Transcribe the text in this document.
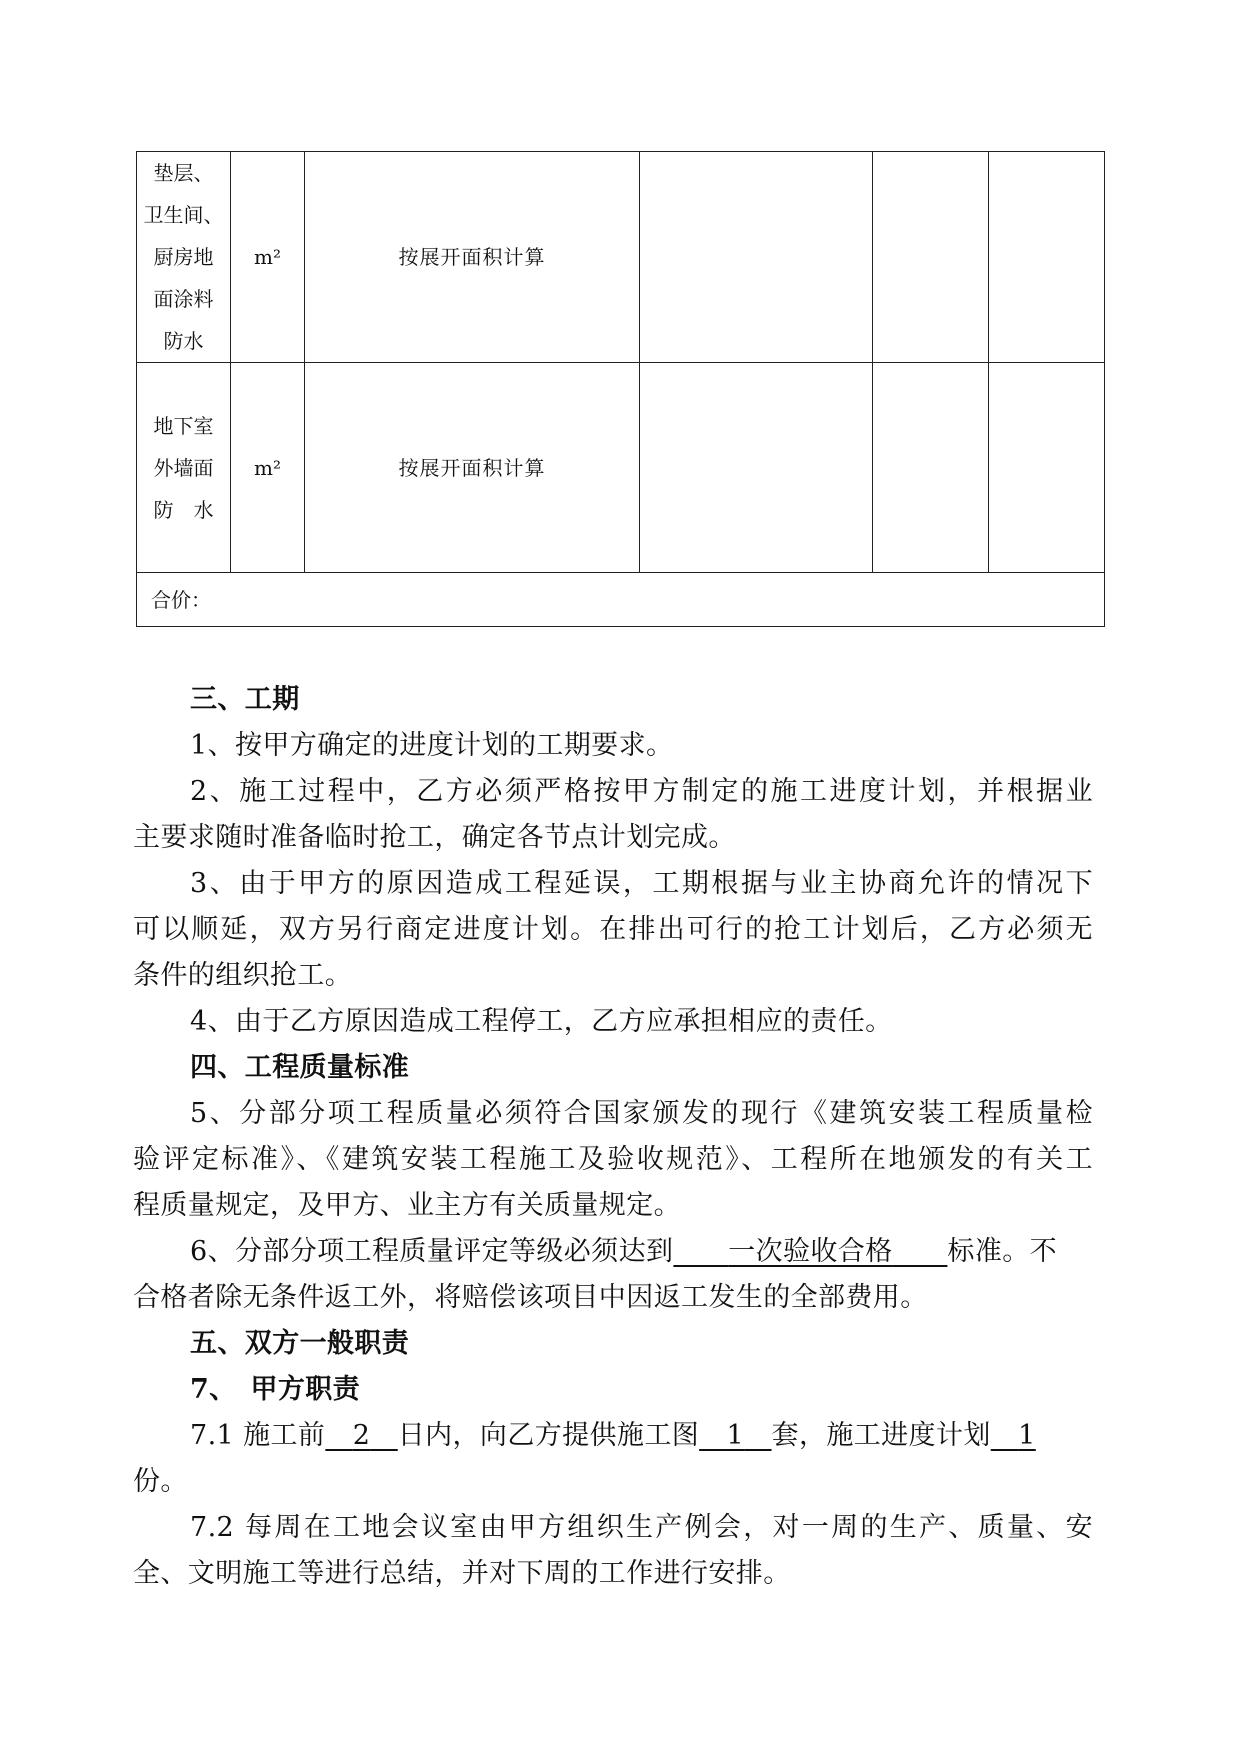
垫层、
卫生间、
厨房地
面涂料
防水	m²	按展开面积计算			
地下室
外墙面
防　水	m²	按展开面积计算			
合价：					
三、工期
1、按甲方确定的进度计划的工期要求。
2、施工过程中，乙方必须严格按甲方制定的施工进度计划，并根据业
主要求随时准备临时抢工，确定各节点计划完成。
3、由于甲方的原因造成工程延误，工期根据与业主协商允许的情况下
可以顺延，双方另行商定进度计划。在排出可行的抢工计划后，乙方必须无
条件的组织抢工。
4、由于乙方原因造成工程停工，乙方应承担相应的责任。
四、工程质量标准
5、分部分项工程质量必须符合国家颁发的现行《建筑安装工程质量检
验评定标准》、《建筑安装工程施工及验收规范》、工程所在地颁发的有关工
程质量规定，及甲方、业主方有关质量规定。
6、分部分项工程质量评定等级必须达到　　 一次验收合格　　 标准。不
合格者除无条件返工外，将赔偿该项目中因返工发生的全部费用。
五、双方一般职责
7、　甲方职责
7.1 施工前　 2　 日内，向乙方提供施工图　 1　 套，施工进度计划　 1
份。
7.2 每周在工地会议室由甲方组织生产例会，对一周的生产、质量、安
全、文明施工等进行总结，并对下周的工作进行安排。
